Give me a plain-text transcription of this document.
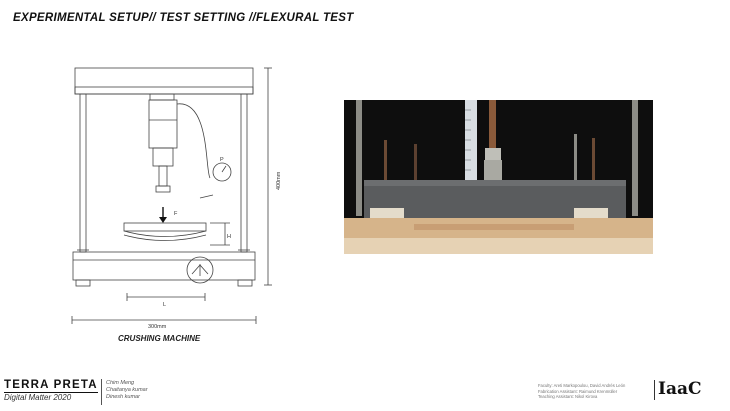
EXPERIMENTAL SETUP// TEST SETTING //FLEXURAL TEST
F
P
H
L
300mm
400mm
CRUSHING MACHINE
TERRA PRETA
Digital Matter 2020
Chim Meng
Chaitanya kumar
Dinesh kumar
Faculty: Areti Markopoulou, David Andrés León
Fabrication Assistant: Raimund Krenmüller
Teaching Assistant: Nikol Kirova	IaaC
